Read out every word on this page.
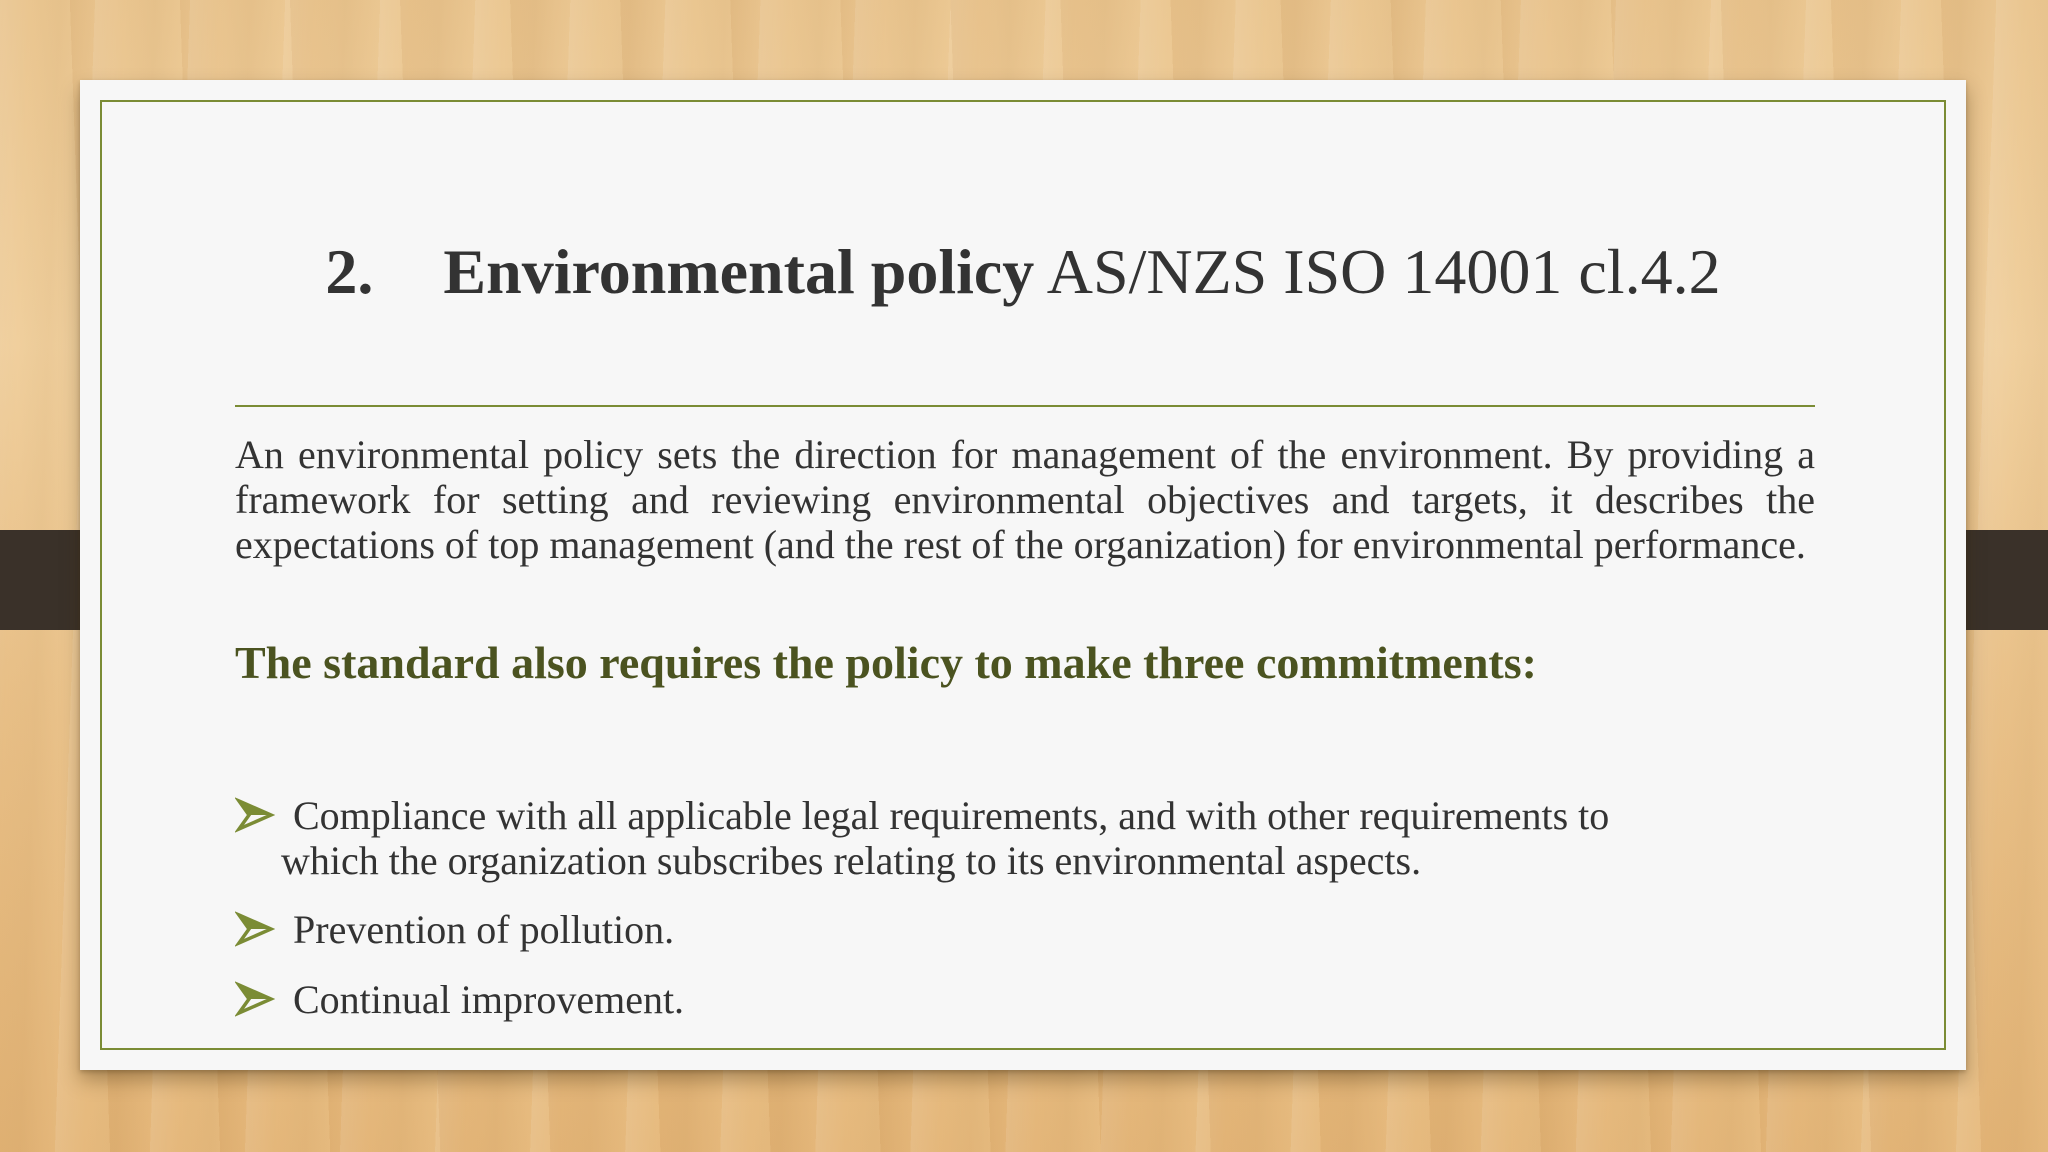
2. Environmental policy AS/NZS ISO 14001 cl.4.2

An environmental policy sets the direction for management of the environment. By providing a framework for setting and reviewing environmental objectives and targets, it describes the expectations of top management (and the rest of the organization) for environmental performance.

The standard also requires the policy to make three commitments:
Compliance with all applicable legal requirements, and with other requirements to
which the organization subscribes relating to its environmental aspects.
Prevention of pollution.
Continual improvement.
